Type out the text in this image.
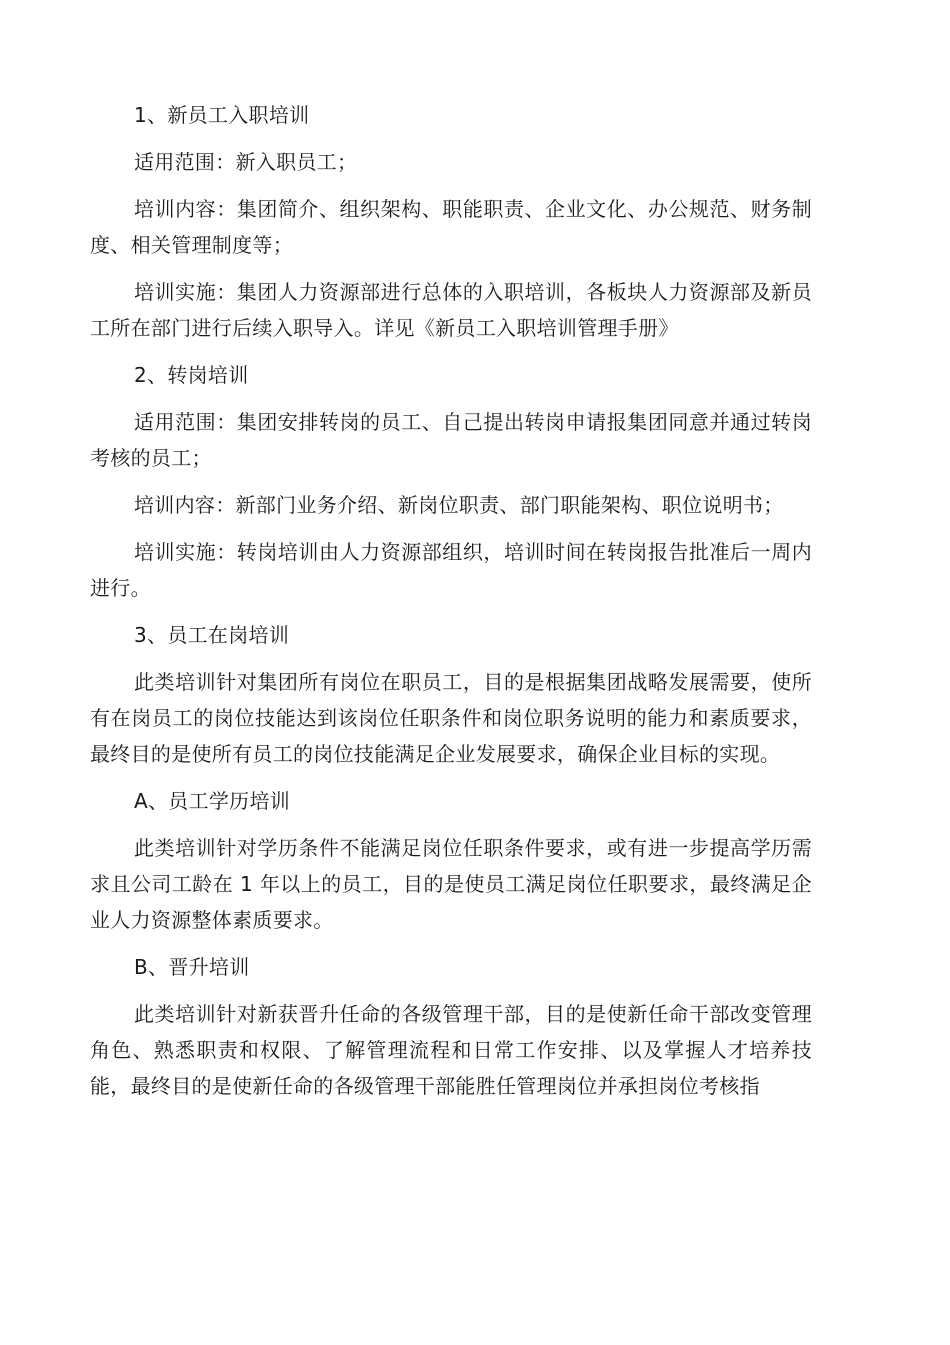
1、新员工入职培训

适用范围：新入职员工；

培训内容：集团简介、组织架构、职能职责、企业文化、办公规范、财务制度、相关管理制度等；

培训实施：集团人力资源部进行总体的入职培训，各板块人力资源部及新员工所在部门进行后续入职导入。详见《新员工入职培训管理手册》

2、转岗培训

适用范围：集团安排转岗的员工、自己提出转岗申请报集团同意并通过转岗考核的员工；

培训内容：新部门业务介绍、新岗位职责、部门职能架构、职位说明书；

培训实施：转岗培训由人力资源部组织，培训时间在转岗报告批准后一周内进行。

3、员工在岗培训

此类培训针对集团所有岗位在职员工，目的是根据集团战略发展需要，使所有在岗员工的岗位技能达到该岗位任职条件和岗位职务说明的能力和素质要求，最终目的是使所有员工的岗位技能满足企业发展要求，确保企业目标的实现。

A、员工学历培训

此类培训针对学历条件不能满足岗位任职条件要求，或有进一步提高学历需求且公司工龄在 1 年以上的员工，目的是使员工满足岗位任职要求，最终满足企业人力资源整体素质要求。

B、晋升培训

此类培训针对新获晋升任命的各级管理干部，目的是使新任命干部改变管理角色、熟悉职责和权限、了解管理流程和日常工作安排、以及掌握人才培养技能，最终目的是使新任命的各级管理干部能胜任管理岗位并承担岗位考核指
